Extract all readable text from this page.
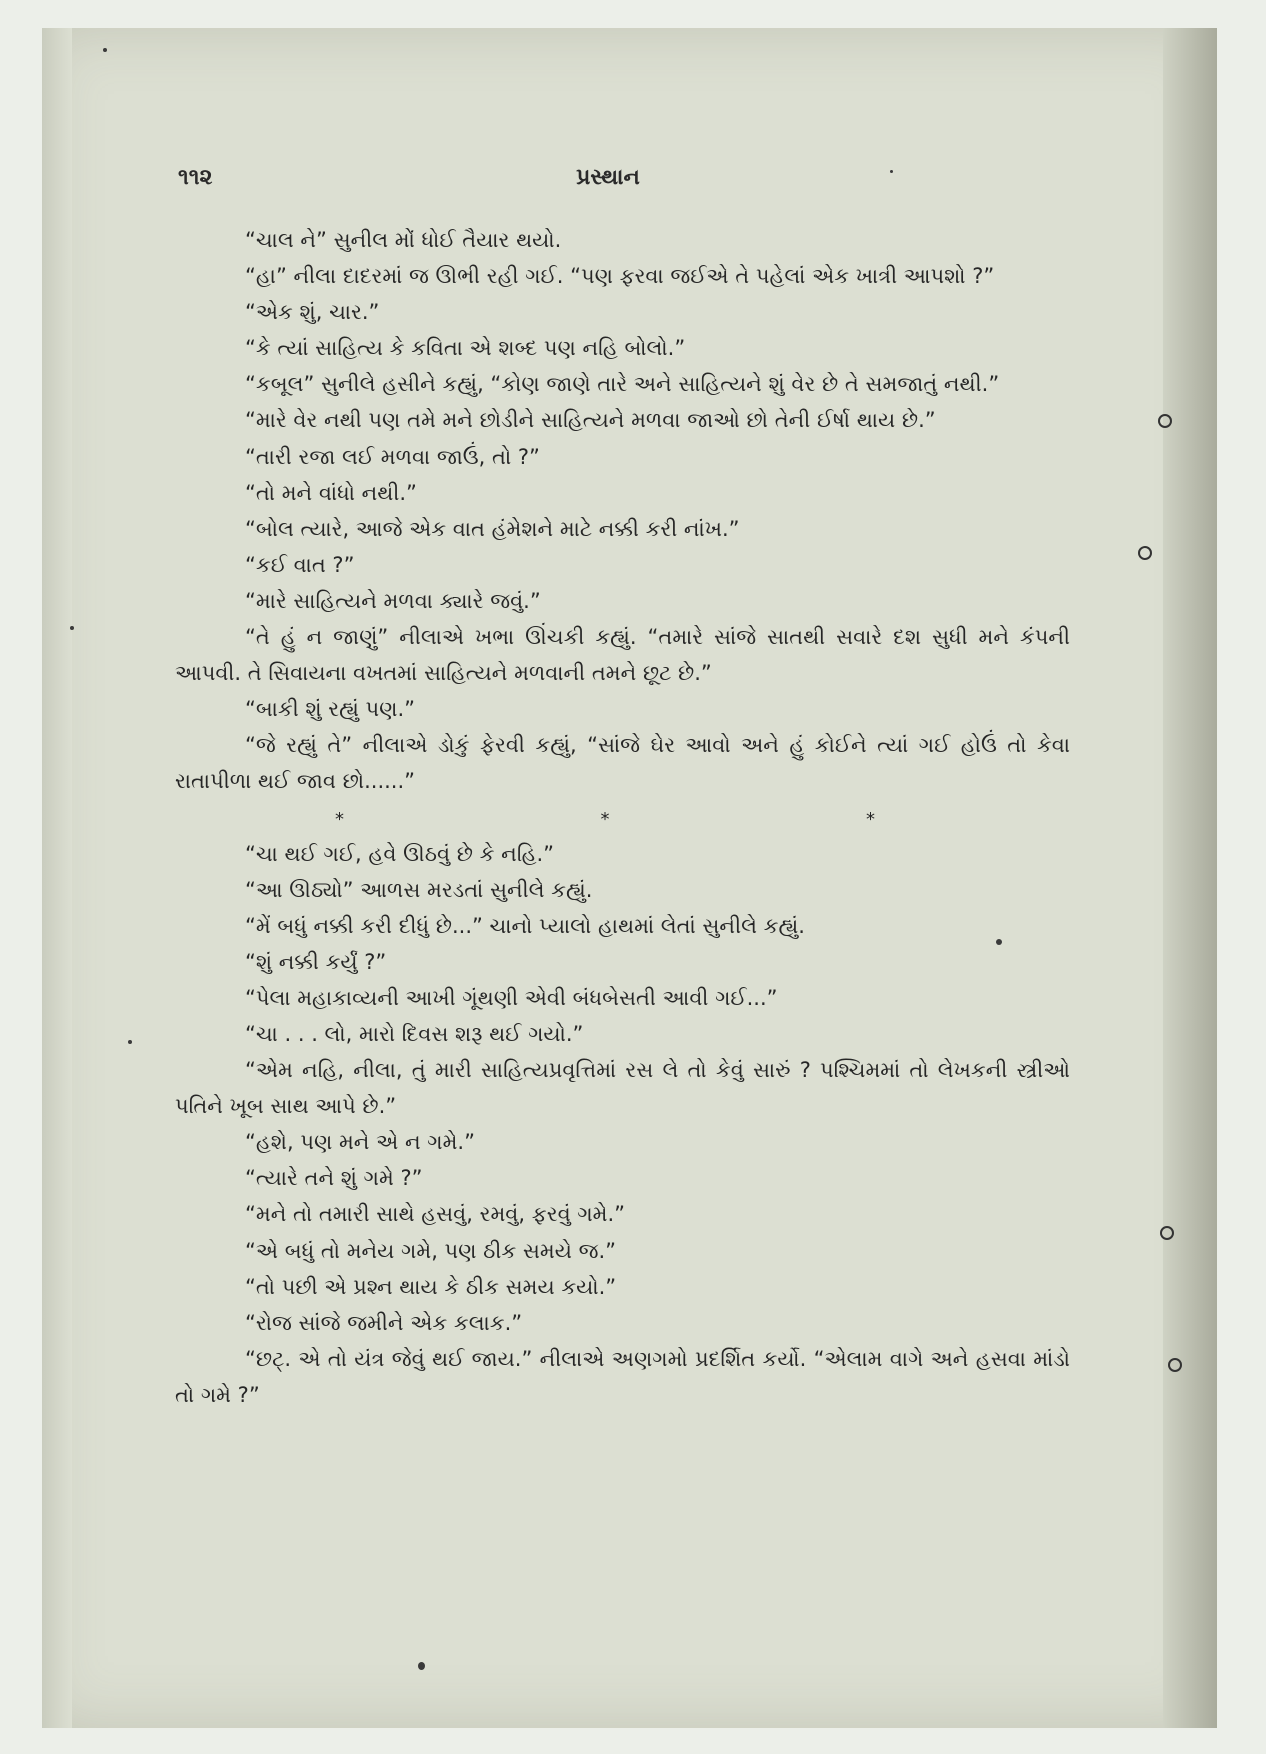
૧૧૨	પ્રસ્થાન

“ચાલ ને” સુનીલ મોં ધોઈ તૈયાર થયો.

“હા” નીલા દાદરમાં જ ઊભી રહી ગઈ. “પણ ફરવા જઈએ તે પહેલાં એક ખાત્રી આપશો ?”

“એક શું, ચાર.”

“કે ત્યાં સાહિત્ય કે કવિતા એ શબ્દ પણ નહિ બોલો.”

“કબૂલ” સુનીલે હસીને કહ્યું, “કોણ જાણે તારે અને સાહિત્યને શું વેર છે તે સમજાતું નથી.”

“મારે વેર નથી પણ તમે મને છોડીને સાહિત્યને મળવા જાઓ છો તેની ઈર્ષા થાય છે.”

“તારી રજા લઈ મળવા જાઉં, તો ?”

“તો મને વાંધો નથી.”

“બોલ ત્યારે, આજે એક વાત હંમેશને માટે નક્કી કરી નાંખ.”

“કઈ વાત ?”

“મારે સાહિત્યને મળવા ક્યારે જવું.”

“તે હું ન જાણું” નીલાએ ખભા ઊંચકી કહ્યું. “તમારે સાંજે સાતથી સવારે દશ સુધી મને કંપની આપવી. તે સિવાયના વખતમાં સાહિત્યને મળવાની તમને છૂટ છે.”

“બાકી શું રહ્યું પણ.”

“જે રહ્યું તે” નીલાએ ડોકું ફેરવી કહ્યું, “સાંજે ઘેર આવો અને હું કોઈને ત્યાં ગઈ હોઉં તો કેવા રાતાપીળા થઈ જાવ છો......”

*	*	*

“ચા થઈ ગઈ, હવે ઊઠવું છે કે નહિ.”

“આ ઊઠ્યો” આળસ મરડતાં સુનીલે કહ્યું.

“મેં બધું નક્કી કરી દીધું છે...” ચાનો પ્યાલો હાથમાં લેતાં સુનીલે કહ્યું.

“શું નક્કી કર્યું ?”

“પેલા મહાકાવ્યની આખી ગૂંથણી એવી બંધબેસતી આવી ગઈ...”

“ચા . . . લો, મારો દિવસ શરૂ થઈ ગયો.”

“એમ નહિ, નીલા, તું મારી સાહિત્યપ્રવૃત્તિમાં રસ લે તો કેવું સારું ? પશ્ચિમમાં તો લેખકની સ્ત્રીઓ પતિને ખૂબ સાથ આપે છે.”

“હશે, પણ મને એ ન ગમે.”

“ત્યારે તને શું ગમે ?”

“મને તો તમારી સાથે હસવું, રમવું, ફરવું ગમે.”

“એ બધું તો મનેય ગમે, પણ ઠીક સમયે જ.”

“તો પછી એ પ્રશ્ન થાય કે ઠીક સમય કયો.”

“રોજ સાંજે જમીને એક કલાક.”

“છટ્. એ તો યંત્ર જેવું થઈ જાય.” નીલાએ અણગમો પ્રદર્શિત કર્યો. “એલામ વાગે અને હસવા માંડો તો ગમે ?”
